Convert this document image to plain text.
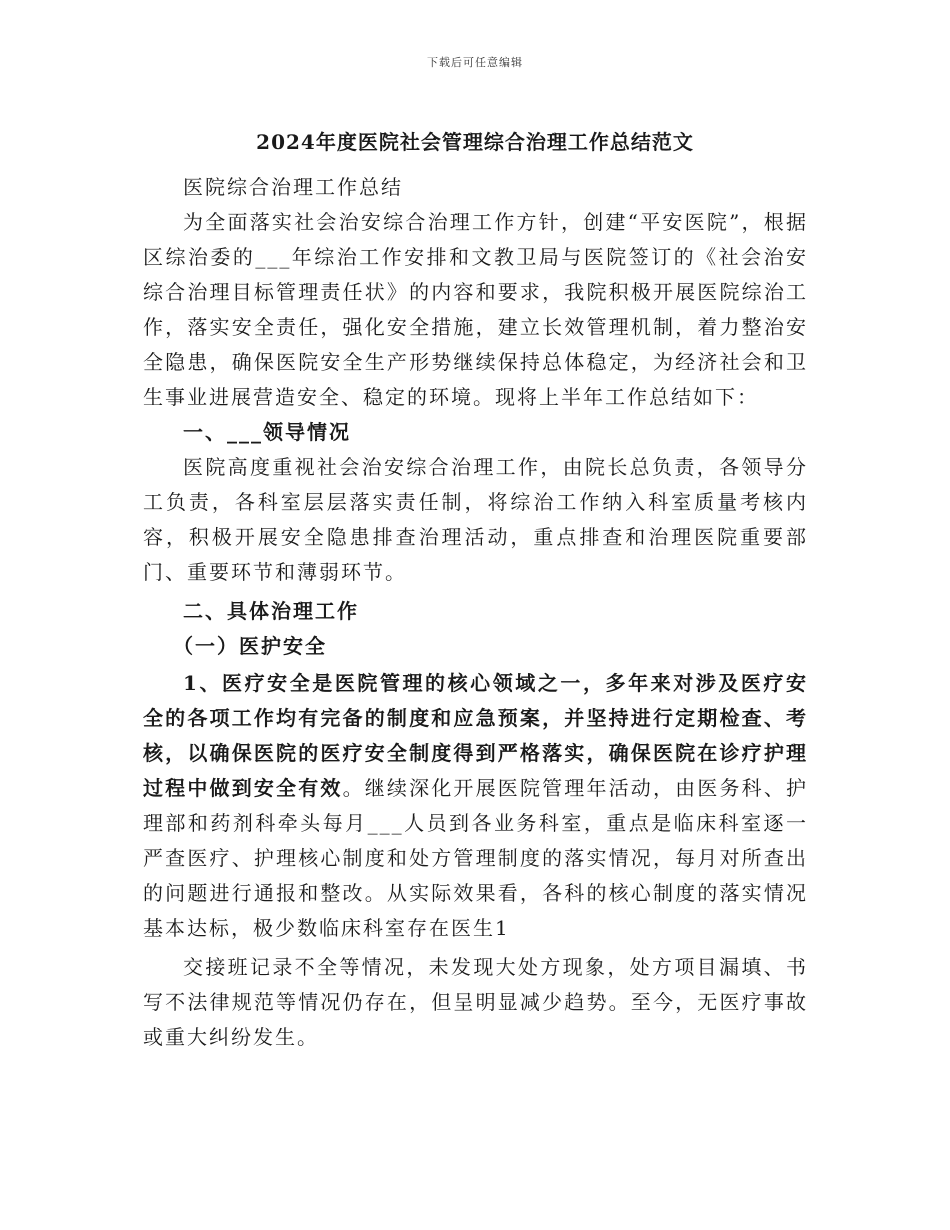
下载后可任意编辑
2024年度医院社会管理综合治理工作总结范文

医院综合治理工作总结

为全面落实社会治安综合治理工作方针，创建“平安医院”，根据区综治委的___年综治工作安排和文教卫局与医院签订的《社会治安综合治理目标管理责任状》的内容和要求，我院积极开展医院综治工作，落实安全责任，强化安全措施，建立长效管理机制，着力整治安全隐患，确保医院安全生产形势继续保持总体稳定，为经济社会和卫生事业进展营造安全、稳定的环境。现将上半年工作总结如下：

一、___领导情况

医院高度重视社会治安综合治理工作，由院长总负责，各领导分工负责，各科室层层落实责任制，将综治工作纳入科室质量考核内容，积极开展安全隐患排查治理活动，重点排查和治理医院重要部门、重要环节和薄弱环节。

二、具体治理工作

（一）医护安全

1、医疗安全是医院管理的核心领域之一，多年来对涉及医疗安全的各项工作均有完备的制度和应急预案，并坚持进行定期检查、考核，以确保医院的医疗安全制度得到严格落实，确保医院在诊疗护理过程中做到安全有效。继续深化开展医院管理年活动，由医务科、护理部和药剂科牵头每月___人员到各业务科室，重点是临床科室逐一严查医疗、护理核心制度和处方管理制度的落实情况，每月对所查出的问题进行通报和整改。从实际效果看，各科的核心制度的落实情况基本达标，极少数临床科室存在医生1

交接班记录不全等情况，未发现大处方现象，处方项目漏填、书写不法律规范等情况仍存在，但呈明显减少趋势。至今，无医疗事故或重大纠纷发生。
